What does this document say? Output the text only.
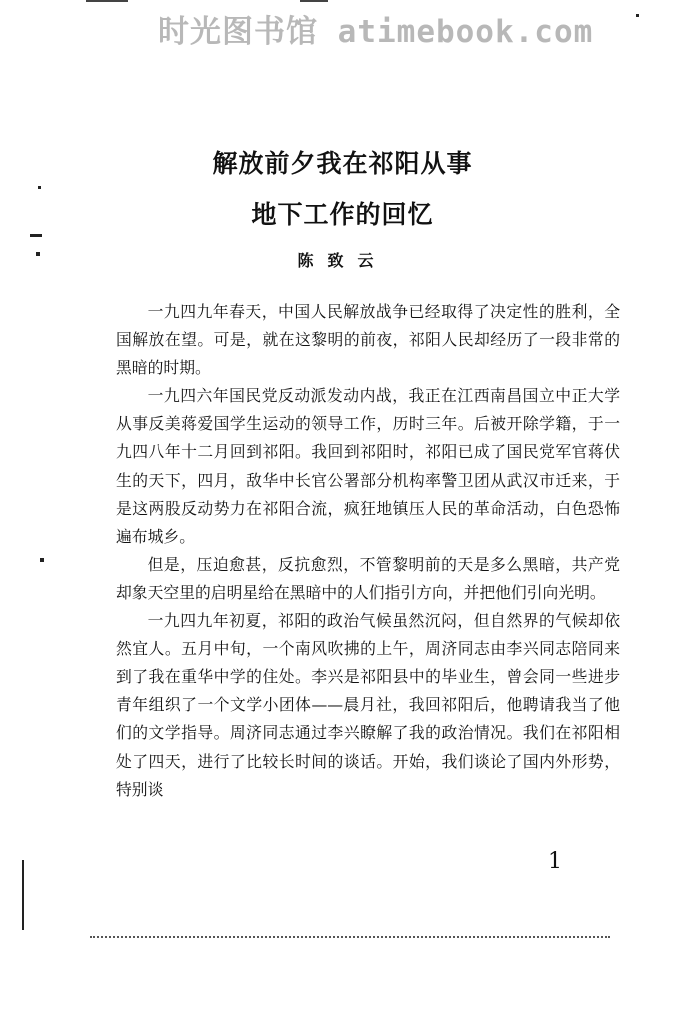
时光图书馆 atimebook.com
解放前夕我在祁阳从事
地下工作的回忆
陈致云

一九四九年春天，中国人民解放战争已经取得了决定性的胜利，全国解放在望。可是，就在这黎明的前夜，祁阳人民却经历了一段非常的黑暗的时期。

一九四六年国民党反动派发动内战，我正在江西南昌国立中正大学从事反美蒋爱国学生运动的领导工作，历时三年。后被开除学籍，于一九四八年十二月回到祁阳。我回到祁阳时，祁阳已成了国民党军官蒋伏生的天下，四月，敌华中长官公署部分机构率警卫团从武汉市迁来，于是这两股反动势力在祁阳合流，疯狂地镇压人民的革命活动，白色恐怖遍布城乡。

但是，压迫愈甚，反抗愈烈，不管黎明前的天是多么黑暗，共产党却象天空里的启明星给在黑暗中的人们指引方向，并把他们引向光明。

一九四九年初夏，祁阳的政治气候虽然沉闷，但自然界的气候却依然宜人。五月中旬，一个南风吹拂的上午，周济同志由李兴同志陪同来到了我在重华中学的住处。李兴是祁阳县中的毕业生，曾会同一些进步青年组织了一个文学小团体——晨月社，我回祁阳后，他聘请我当了他们的文学指导。周济同志通过李兴瞭解了我的政治情况。我们在祁阳相处了四天，进行了比较长时间的谈话。开始，我们谈论了国内外形势，特别谈

1
